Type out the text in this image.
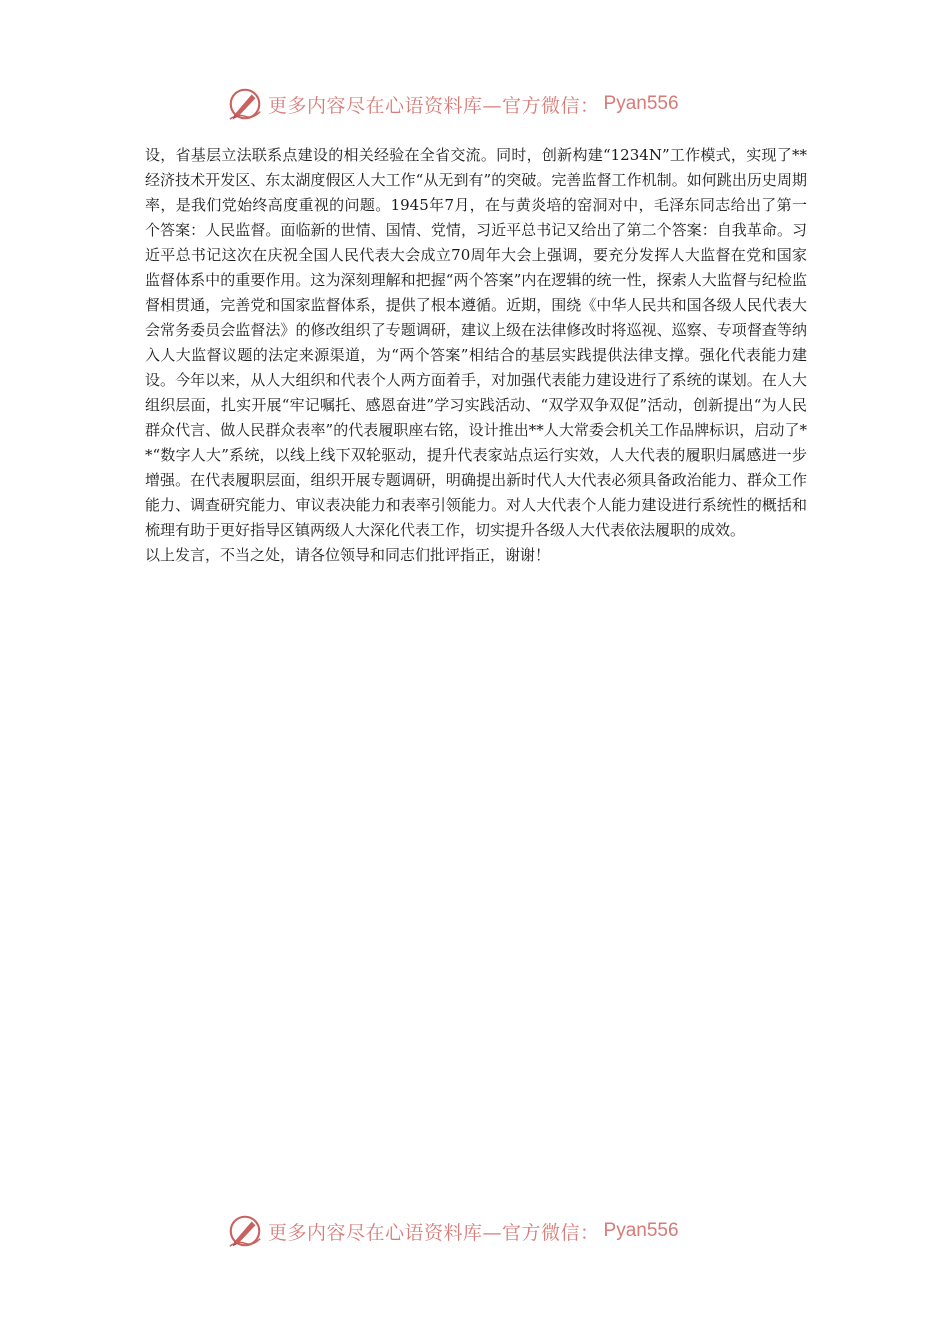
更多内容尽在心语资料库—官方微信： Pyan556

设，省基层立法联系点建设的相关经验在全省交流。同时，创新构建“1234N”工作模式，实现了**经济技术开发区、东太湖度假区人大工作“从无到有”的突破。完善监督工作机制。如何跳出历史周期率，是我们党始终高度重视的问题。1945年7月，在与黄炎培的窑洞对中，毛泽东同志给出了第一个答案：人民监督。面临新的世情、国情、党情，习近平总书记又给出了第二个答案：自我革命。习近平总书记这次在庆祝全国人民代表大会成立70周年大会上强调，要充分发挥人大监督在党和国家监督体系中的重要作用。这为深刻理解和把握“两个答案”内在逻辑的统一性，探索人大监督与纪检监督相贯通，完善党和国家监督体系，提供了根本遵循。近期，围绕《中华人民共和国各级人民代表大会常务委员会监督法》的修改组织了专题调研，建议上级在法律修改时将巡视、巡察、专项督查等纳入人大监督议题的法定来源渠道，为“两个答案”相结合的基层实践提供法律支撑。强化代表能力建设。今年以来，从人大组织和代表个人两方面着手，对加强代表能力建设进行了系统的谋划。在人大组织层面，扎实开展“牢记嘱托、感恩奋进”学习实践活动、“双学双争双促”活动，创新提出“为人民群众代言、做人民群众表率”的代表履职座右铭，设计推出**人大常委会机关工作品牌标识，启动了**“数字人大”系统，以线上线下双轮驱动，提升代表家站点运行实效，人大代表的履职归属感进一步增强。在代表履职层面，组织开展专题调研，明确提出新时代人大代表必须具备政治能力、群众工作能力、调查研究能力、审议表决能力和表率引领能力。对人大代表个人能力建设进行系统性的概括和梳理有助于更好指导区镇两级人大深化代表工作，切实提升各级人大代表依法履职的成效。

以上发言，不当之处，请各位领导和同志们批评指正，谢谢！

更多内容尽在心语资料库—官方微信： Pyan556
